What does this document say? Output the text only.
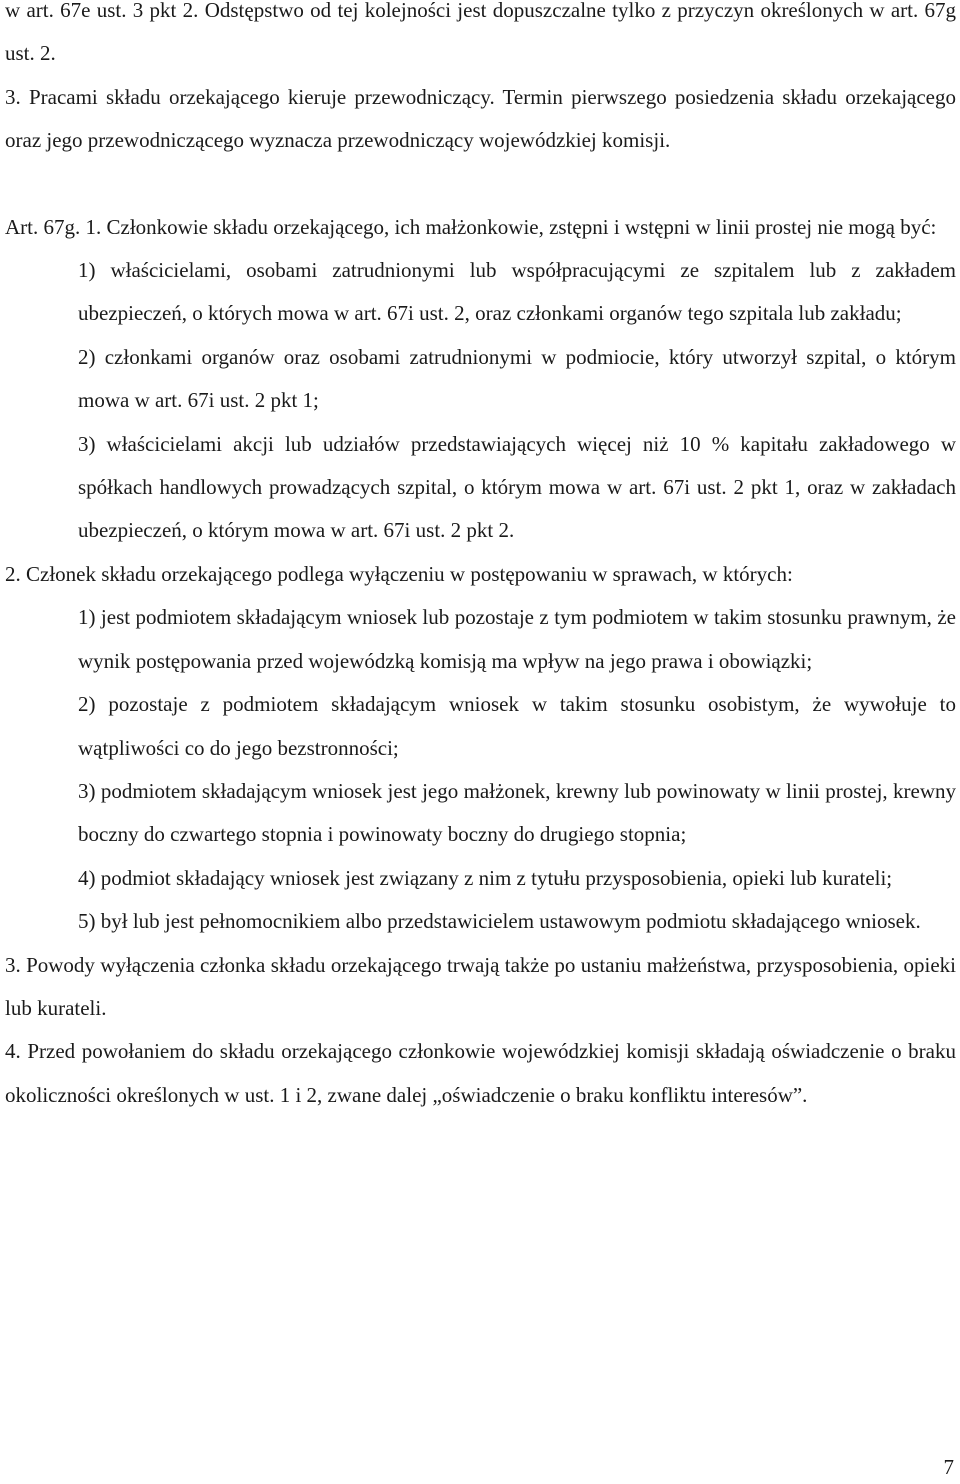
w art. 67e ust. 3 pkt 2. Odstępstwo od tej kolejności jest dopuszczalne tylko z przyczyn określonych w art. 67g ust. 2.

3. Pracami składu orzekającego kieruje przewodniczący. Termin pierwszego posiedzenia składu orzekającego oraz jego przewodniczącego wyznacza przewodniczący wojewódzkiej komisji.

Art. 67g. 1. Członkowie składu orzekającego, ich małżonkowie, zstępni i wstępni w linii prostej nie mogą być:

1) właścicielami, osobami zatrudnionymi lub współpracującymi ze szpitalem lub z zakładem ubezpieczeń, o których mowa w art. 67i ust. 2, oraz członkami organów tego szpitala lub zakładu;

2) członkami organów oraz osobami zatrudnionymi w podmiocie, który utworzył szpital, o którym mowa w art. 67i ust. 2 pkt 1;

3) właścicielami akcji lub udziałów przedstawiających więcej niż 10 % kapitału zakładowego w spółkach handlowych prowadzących szpital, o którym mowa w art. 67i ust. 2 pkt 1, oraz w zakładach ubezpieczeń, o którym mowa w art. 67i ust. 2 pkt 2.

2. Członek składu orzekającego podlega wyłączeniu w postępowaniu w sprawach, w których:

1) jest podmiotem składającym wniosek lub pozostaje z tym podmiotem w takim stosunku prawnym, że wynik postępowania przed wojewódzką komisją ma wpływ na jego prawa i obowiązki;

2) pozostaje z podmiotem składającym wniosek w takim stosunku osobistym, że wywołuje to wątpliwości co do jego bezstronności;

3) podmiotem składającym wniosek jest jego małżonek, krewny lub powinowaty w linii prostej, krewny boczny do czwartego stopnia i powinowaty boczny do drugiego stopnia;

4) podmiot składający wniosek jest związany z nim z tytułu przysposobienia, opieki lub kurateli;

5) był lub jest pełnomocnikiem albo przedstawicielem ustawowym podmiotu składającego wniosek.

3. Powody wyłączenia członka składu orzekającego trwają także po ustaniu małżeństwa, przysposobienia, opieki lub kurateli.

4. Przed powołaniem do składu orzekającego członkowie wojewódzkiej komisji składają oświadczenie o braku okoliczności określonych w ust. 1 i 2, zwane dalej „oświadczenie o braku konfliktu interesów”.

7
